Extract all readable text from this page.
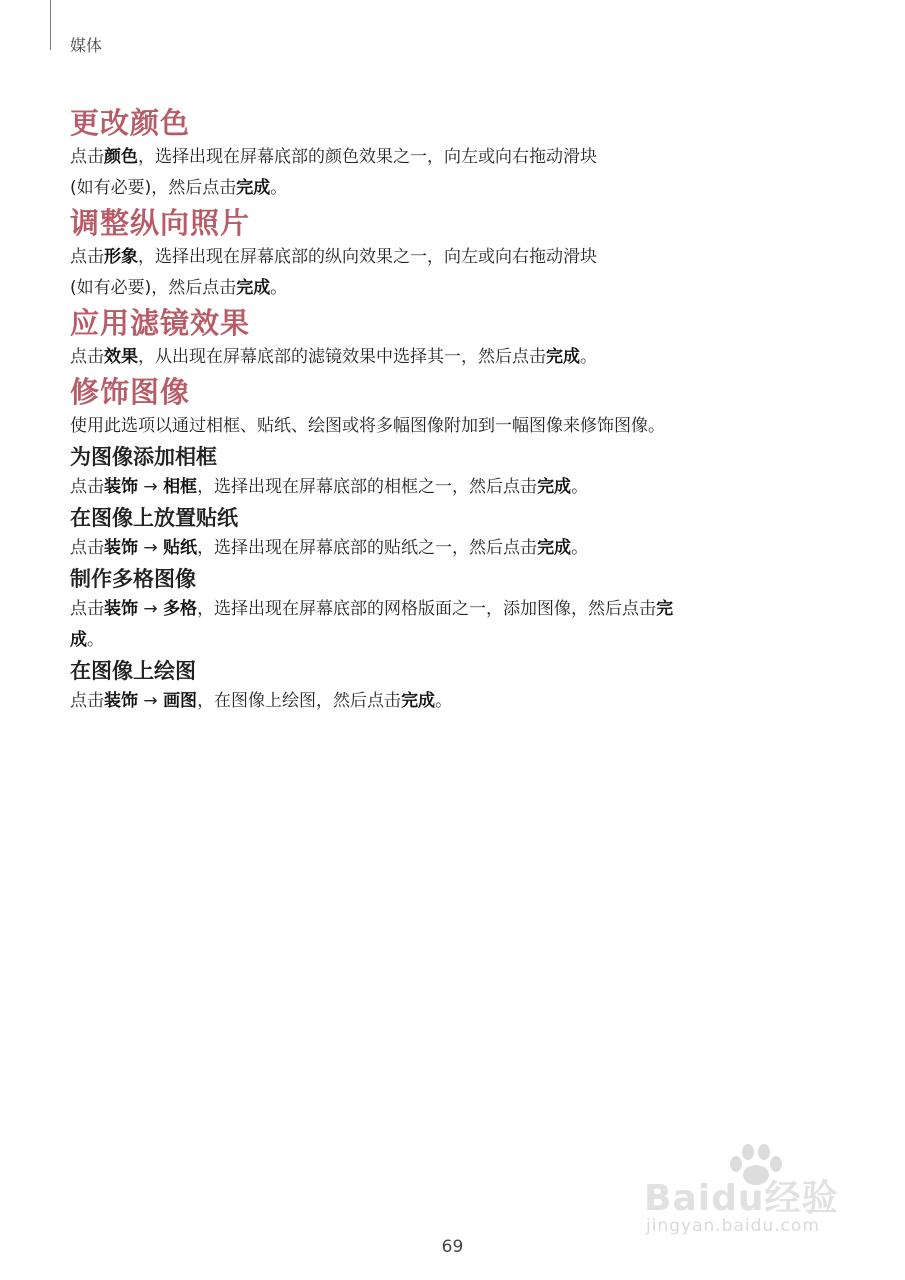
媒体
更改颜色

点击颜色，选择出现在屏幕底部的颜色效果之一，向左或向右拖动滑块

(如有必要)，然后点击完成。

调整纵向照片

点击形象，选择出现在屏幕底部的纵向效果之一，向左或向右拖动滑块

(如有必要)，然后点击完成。

应用滤镜效果

点击效果，从出现在屏幕底部的滤镜效果中选择其一，然后点击完成。

修饰图像

使用此选项以通过相框、贴纸、绘图或将多幅图像附加到一幅图像来修饰图像。

为图像添加相框

点击装饰 → 相框，选择出现在屏幕底部的相框之一，然后点击完成。

在图像上放置贴纸

点击装饰 → 贴纸，选择出现在屏幕底部的贴纸之一，然后点击完成。

制作多格图像

点击装饰 → 多格，选择出现在屏幕底部的网格版面之一，添加图像，然后点击完

成。

在图像上绘图

点击装饰 → 画图，在图像上绘图，然后点击完成。

Baidu经验
jingyan.baidu.com
69
